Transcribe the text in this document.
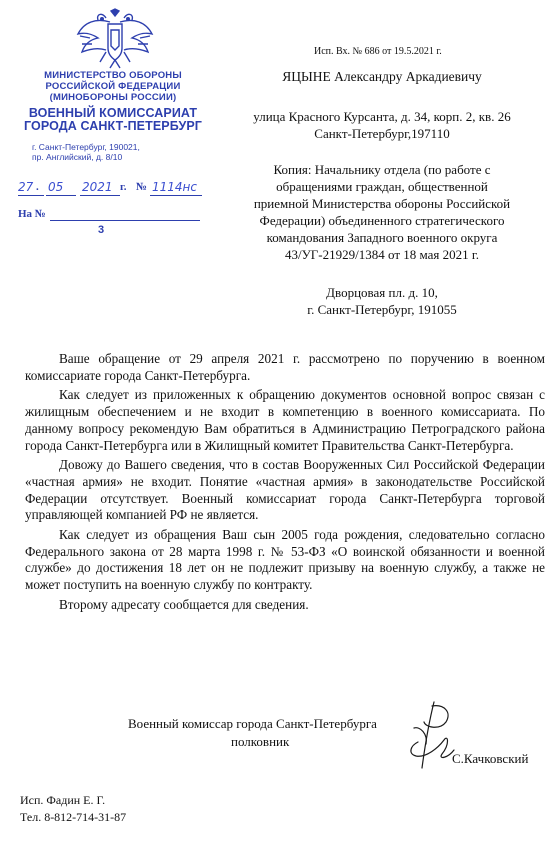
МИНИСТЕРСТВО ОБОРОНЫ
РОССИЙСКОЙ ФЕДЕРАЦИИ
(МИНОБОРОНЫ РОССИИ)
ВОЕННЫЙ КОМИССАРИАТ
ГОРОДА САНКТ-ПЕТЕРБУРГ
г. Санкт-Петербург, 190021,
пр. Английский, д. 8/10
27 . 05 2021 г. № 1114нс
На №
3
Исп. Вх. № 686 от 19.5.2021 г.
ЯЦЫНЕ Александру Аркадиевичу
улица Красного Курсанта, д. 34, корп. 2, кв. 26
Санкт-Петербург,197110
Копия: Начальнику отдела (по работе с
обращениями граждан, общественной
приемной Министерства обороны Российской
Федерации) объединенного стратегического
командования Западного военного округа
43/УГ-21929/1384 от 18 мая 2021 г.
Дворцовая пл. д. 10,
г. Санкт-Петербург, 191055

Ваше обращение от 29 апреля 2021 г. рассмотрено по поручению в военном комиссариате города Санкт-Петербурга.

Как следует из приложенных к обращению документов основной вопрос связан с жилищным обеспечением и не входит в компетенцию в военного комиссариата. По данному вопросу рекомендую Вам обратиться в Администрацию Петроградского района города Санкт-Петербурга или в Жилищный комитет Правительства Санкт-Петербурга.

Довожу до Вашего сведения, что в состав Вооруженных Сил Российской Федерации «частная армия» не входит. Понятие «частная армия» в законодательстве Российской Федерации отсутствует. Военный комиссариат города Санкт-Петербурга торговой управляющей компанией РФ не является.

Как следует из обращения Ваш сын 2005 года рождения, следовательно согласно Федерального закона от 28 марта 1998 г. № 53-ФЗ «О воинской обязанности и военной службе» до достижения 18 лет он не подлежит призыву на военную службу, а также не может поступить на военную службу по контракту.

Второму адресату сообщается для сведения.

Военный комиссар города Санкт-Петербурга
полковник
С.Качковский
Исп. Фадин Е. Г.
Тел. 8-812-714-31-87
